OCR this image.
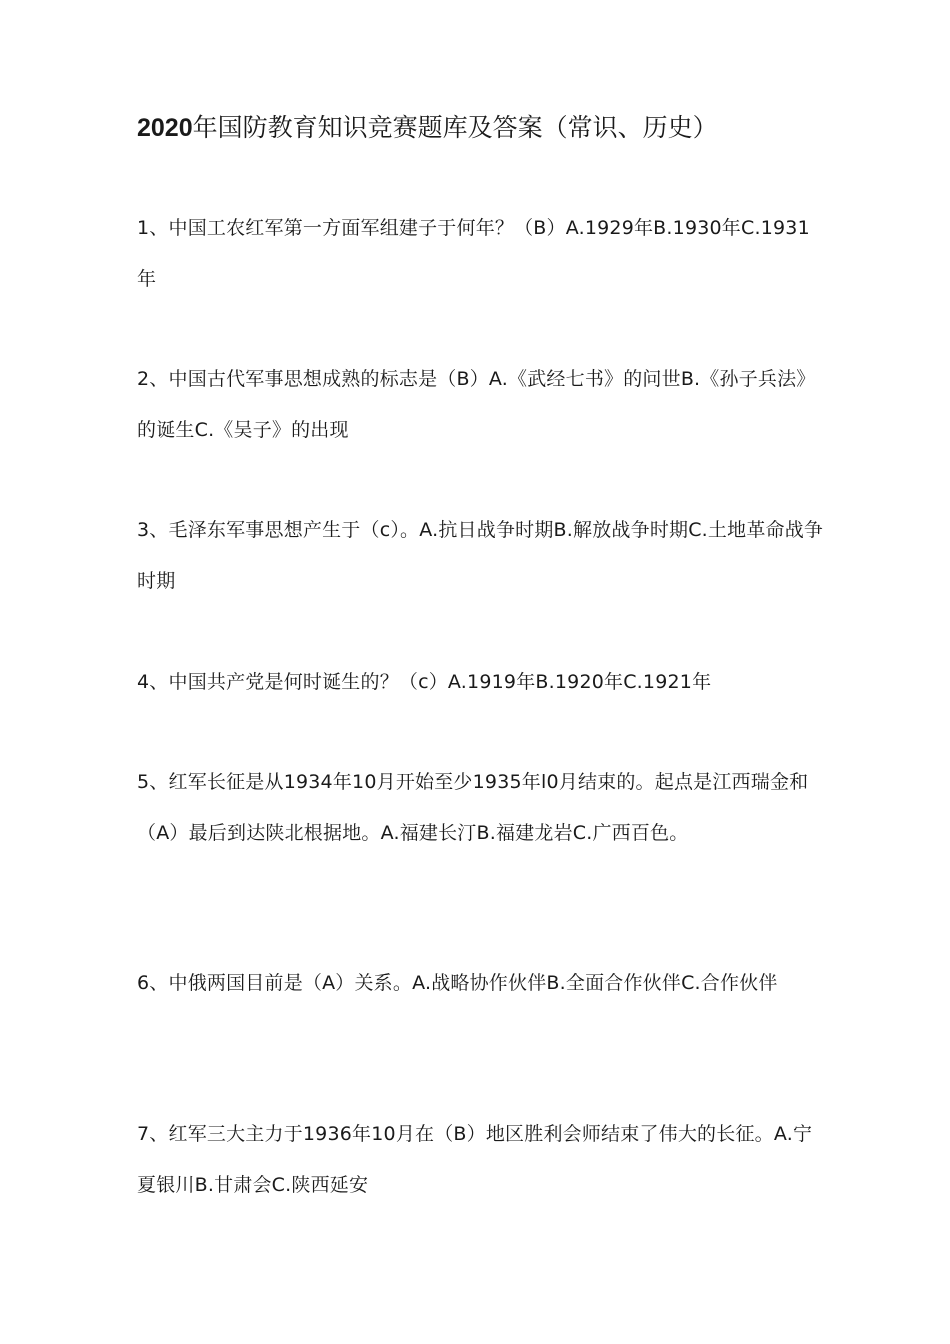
2020年国防教育知识竞赛题库及答案（常识、历史）

1、中国工农红军第一方面军组建子于何年？（B）A.1929年B.1930年C.1931年

2、中国古代军事思想成熟的标志是（B）A.《武经七书》的问世B.《孙子兵法》的诞生C.《吴子》的出现

3、毛泽东军事思想产生于（c）。A.抗日战争时期B.解放战争时期C.土地革命战争时期

4、中国共产党是何时诞生的？（c）A.1919年B.1920年C.1921年

5、红军长征是从1934年10月开始至少1935年l0月结束的。起点是江西瑞金和（A）最后到达陕北根据地。A.福建长汀B.福建龙岩C.广西百色。

6、中俄两国目前是（A）关系。A.战略协作伙伴B.全面合作伙伴C.合作伙伴

7、红军三大主力于1936年10月在（B）地区胜利会师结束了伟大的长征。A.宁夏银川B.甘肃会C.陕西延安
